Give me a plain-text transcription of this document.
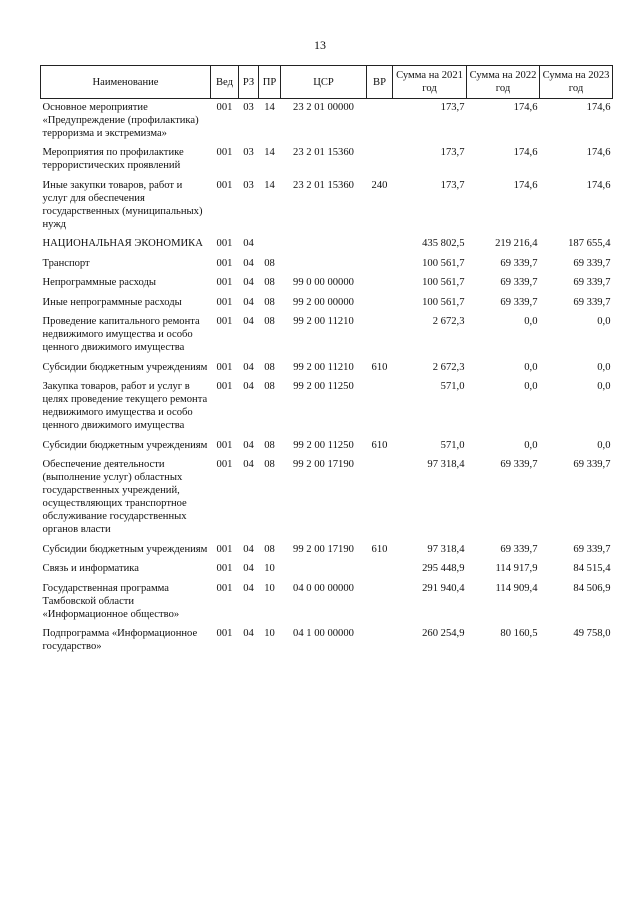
13
Наименование	Вед	РЗ	ПР	ЦСР	ВР	Сумма на 2021 год	Сумма на 2022 год	Сумма на 2023 год
Основное мероприятие «Предупреждение (профилактика) терроризма и экстремизма»	001	03	14	23 2 01 00000		173,7	174,6	174,6
Мероприятия по профилактике террористических проявлений	001	03	14	23 2 01 15360		173,7	174,6	174,6
Иные закупки товаров, работ и услуг для обеспечения государственных (муниципальных) нужд	001	03	14	23 2 01 15360	240	173,7	174,6	174,6
НАЦИОНАЛЬНАЯ ЭКОНОМИКА	001	04				435 802,5	219 216,4	187 655,4
Транспорт	001	04	08			100 561,7	69 339,7	69 339,7
Непрограммные расходы	001	04	08	99 0 00 00000		100 561,7	69 339,7	69 339,7
Иные непрограммные расходы	001	04	08	99 2 00 00000		100 561,7	69 339,7	69 339,7
Проведение капитального ремонта недвижимого имущества и особо ценного движимого имущества	001	04	08	99 2 00 11210		2 672,3	0,0	0,0
Субсидии бюджетным учреждениям	001	04	08	99 2 00 11210	610	2 672,3	0,0	0,0
Закупка товаров, работ и услуг в целях проведение текущего ремонта недвижимого имущества и особо ценного движимого имущества	001	04	08	99 2 00 11250		571,0	0,0	0,0
Субсидии бюджетным учреждениям	001	04	08	99 2 00 11250	610	571,0	0,0	0,0
Обеспечение деятельности (выполнение услуг) областных государственных учреждений, осуществляющих транспортное обслуживание государственных органов власти	001	04	08	99 2 00 17190		97 318,4	69 339,7	69 339,7
Субсидии бюджетным учреждениям	001	04	08	99 2 00 17190	610	97 318,4	69 339,7	69 339,7
Связь и информатика	001	04	10			295 448,9	114 917,9	84 515,4
Государственная программа Тамбовской области «Информационное общество»	001	04	10	04 0 00 00000		291 940,4	114 909,4	84 506,9
Подпрограмма «Информационное государство»	001	04	10	04 1 00 00000		260 254,9	80 160,5	49 758,0
